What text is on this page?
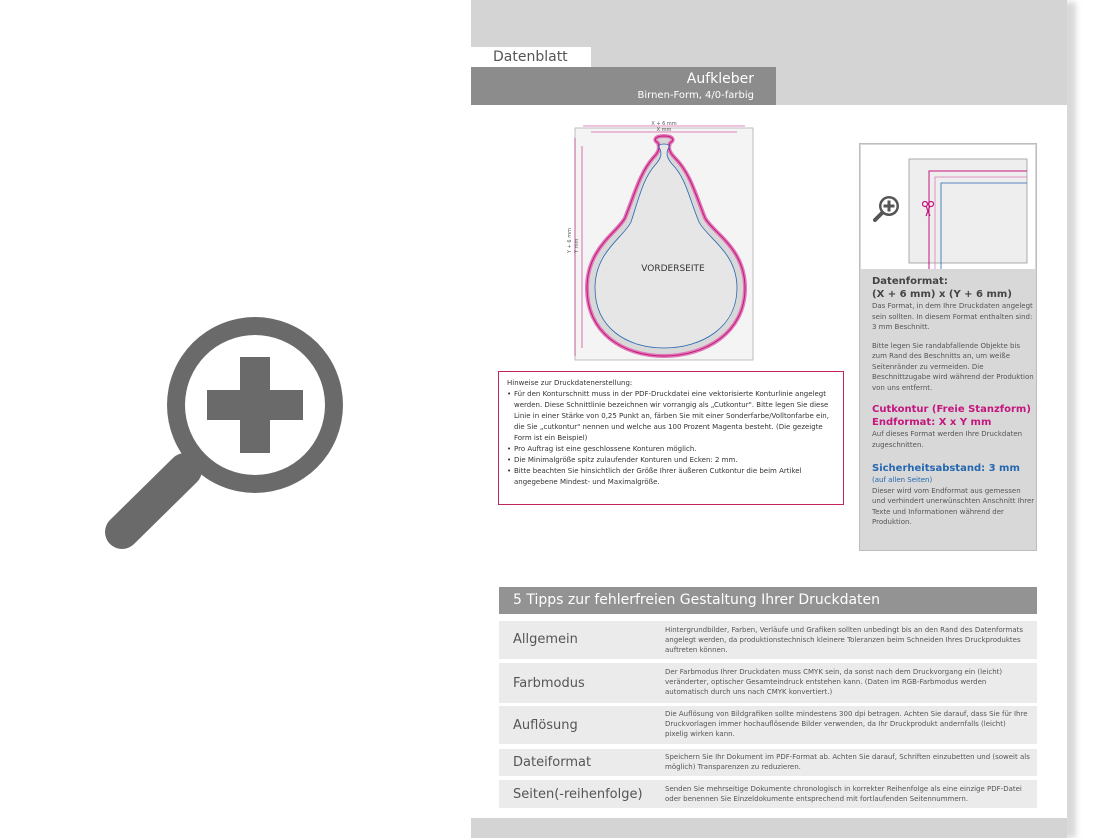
Datenblatt
Aufkleber
Birnen-Form, 4/0-farbig
X + 6 mm
X mm
Y + 6 mm Y mm
VORDERSEITE

Hinweise zur Druckdatenerstellung:

• Für den Konturschnitt muss in der PDF-Druckdatei eine vektorisierte Konturlinie angelegt werden. Diese Schnittlinie bezeichnen wir vorrangig als „Cutkontur". Bitte legen Sie diese Linie in einer Stärke von 0,25 Punkt an, färben Sie mit einer Sonderfarbe/Volltonfarbe ein, die Sie „cutkontur" nennen und welche aus 100 Prozent Magenta besteht. (Die gezeigte Form ist ein Beispiel)

• Pro Auftrag ist eine geschlossene Konturen möglich.

• Die Minimalgröße spitz zulaufender Konturen und Ecken: 2 mm.

• Bitte beachten Sie hinsichtlich der Größe Ihrer äußeren Cutkontur die beim Artikel angegebene Mindest- und Maximalgröße.

Datenformat:
(X + 6 mm) x (Y + 6 mm)
Das Format, in dem Ihre Druckdaten angelegt sein sollten. In diesem Format enthalten sind: 3 mm Beschnitt.
Bitte legen Sie randabfallende Objekte bis zum Rand des Beschnitts an, um weiße Seitenränder zu vermeiden. Die Beschnittzugabe wird während der Produktion von uns entfernt.
Cutkontur (Freie Stanzform)
Endformat: X x Y mm
Auf dieses Format werden Ihre Druckdaten zugeschnitten.
Sicherheitsabstand: 3 mm
(auf allen Seiten)
Dieser wird vom Endformat aus gemessen und verhindert unerwünschten Anschnitt Ihrer Texte und Informationen während der Produktion.
5 Tipps zur fehlerfreien Gestaltung Ihrer Druckdaten
Allgemein
Hintergrundbilder, Farben, Verläufe und Grafiken sollten unbedingt bis an den Rand des Datenformats angelegt werden, da produktionstechnisch kleinere Toleranzen beim Schneiden Ihres Druckproduktes auftreten können.
Farbmodus
Der Farbmodus Ihrer Druckdaten muss CMYK sein, da sonst nach dem Druckvorgang ein (leicht) veränderter, optischer Gesamteindruck entstehen kann. (Daten im RGB-Farbmodus werden automatisch durch uns nach CMYK konvertiert.)
Auflösung
Die Auflösung von Bildgrafiken sollte mindestens 300 dpi betragen. Achten Sie darauf, dass Sie für Ihre Druckvorlagen immer hochauflösende Bilder verwenden, da Ihr Druckprodukt andernfalls (leicht) pixelig wirken kann.
Dateiformat	Speichern Sie Ihr Dokument im PDF-Format ab. Achten Sie darauf, Schriften einzubetten und (soweit als möglich) Transparenzen zu reduzieren.
Seiten(-reihenfolge)	Senden Sie mehrseitige Dokumente chronologisch in korrekter Reihenfolge als eine einzige PDF-Datei oder benennen Sie Einzeldokumente entsprechend mit fortlaufenden Seitennummern.
